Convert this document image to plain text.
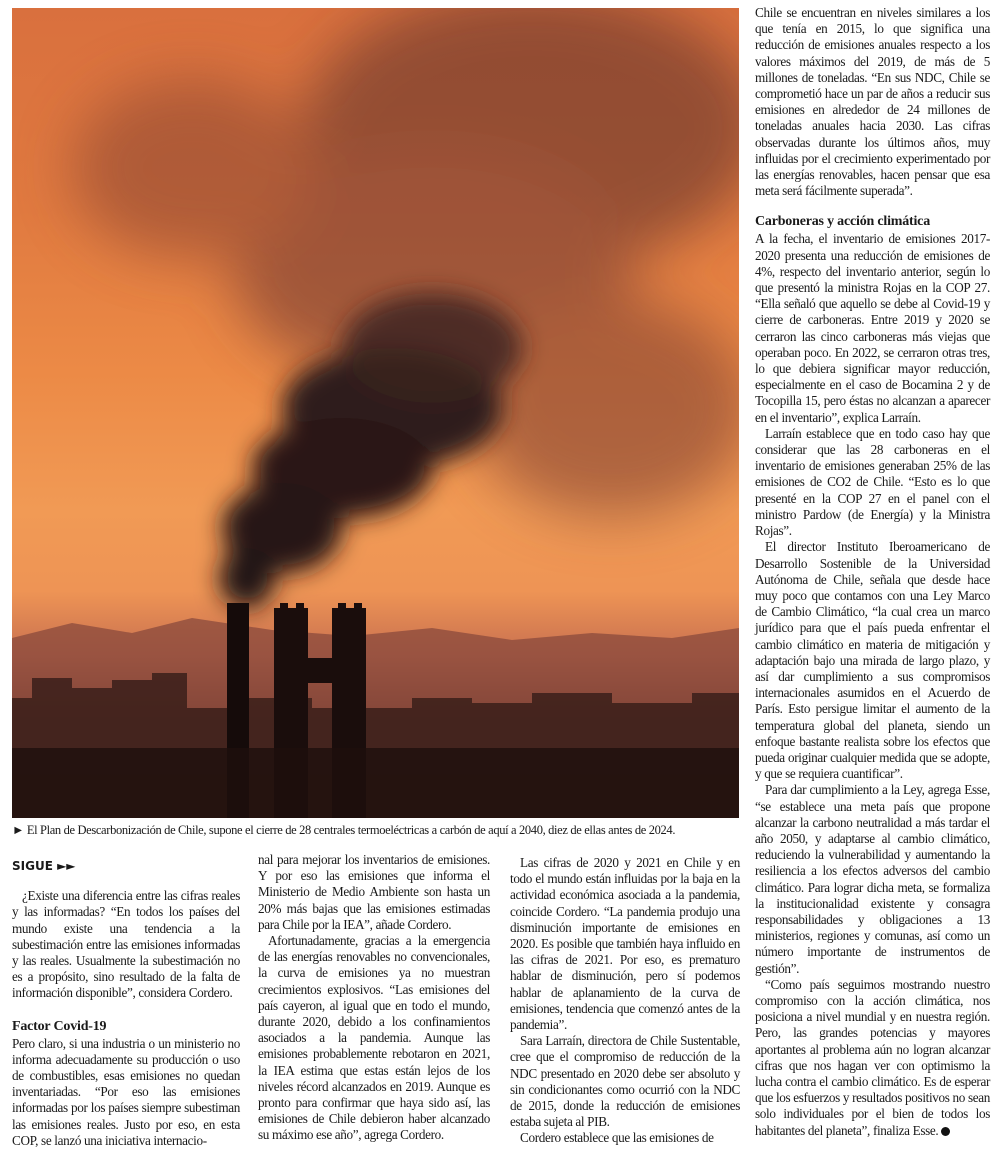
► El Plan de Descarbonización de Chile, supone el cierre de 28 centrales termoeléctricas a carbón de aquí a 2040, diez de ellas antes de 2024.
SIGUE ►►

¿Existe una diferencia entre las cifras reales y las informadas? “En todos los países del mundo existe una tendencia a la subestimación entre las emisiones informadas y las reales. Usualmente la subestimación no es a propósito, sino resultado de la falta de información disponible”, considera Cordero.

Factor Covid-19

Pero claro, si una industria o un ministerio no informa adecuadamente su producción o uso de combustibles, esas emisiones no quedan inventariadas. “Por eso las emisiones informadas por los países siempre subestiman las emisiones reales. Justo por eso, en esta COP, se lanzó una iniciativa internacio-

nal para mejorar los inventarios de emisiones. Y por eso las emisiones que informa el Ministerio de Medio Ambiente son hasta un 20% más bajas que las emisiones estimadas para Chile por la IEA”, añade Cordero.

Afortunadamente, gracias a la emergencia de las energías renovables no convencionales, la curva de emisiones ya no muestran crecimientos explosivos. “Las emisiones del país cayeron, al igual que en todo el mundo, durante 2020, debido a los confinamientos asociados a la pandemia. Aunque las emisiones probablemente rebotaron en 2021, la IEA estima que estas están lejos de los niveles récord alcanzados en 2019. Aunque es pronto para confirmar que haya sido así, las emisiones de Chile debieron haber alcanzado su máximo ese año”, agrega Cordero.

Las cifras de 2020 y 2021 en Chile y en todo el mundo están influidas por la baja en la actividad económica asociada a la pandemia, coincide Cordero. “La pandemia produjo una disminución importante de emisiones en 2020. Es posible que también haya influido en las cifras de 2021. Por eso, es prematuro hablar de disminución, pero sí podemos hablar de aplanamiento de la curva de emisiones, tendencia que comenzó antes de la pandemia”.

Sara Larraín, directora de Chile Sustentable, cree que el compromiso de reducción de la NDC presentado en 2020 debe ser absoluto y sin condicionantes como ocurrió con la NDC de 2015, donde la reducción de emisiones estaba sujeta al PIB.

Cordero establece que las emisiones de

Chile se encuentran en niveles similares a los que tenía en 2015, lo que significa una reducción de emisiones anuales respecto a los valores máximos del 2019, de más de 5 millones de toneladas. “En sus NDC, Chile se comprometió hace un par de años a reducir sus emisiones en alrededor de 24 millones de toneladas anuales hacia 2030. Las cifras observadas durante los últimos años, muy influidas por el crecimiento experimentado por las energías renovables, hacen pensar que esa meta será fácilmente superada”.

Carboneras y acción climática

A la fecha, el inventario de emisiones 2017-2020 presenta una reducción de emisiones de 4%, respecto del inventario anterior, según lo que presentó la ministra Rojas en la COP 27. “Ella señaló que aquello se debe al Covid-19 y cierre de carboneras. Entre 2019 y 2020 se cerraron las cinco carboneras más viejas que operaban poco. En 2022, se cerraron otras tres, lo que debiera significar mayor reducción, especialmente en el caso de Bocamina 2 y de Tocopilla 15, pero éstas no alcanzan a aparecer en el inventario”, explica Larraín.

Larraín establece que en todo caso hay que considerar que las 28 carboneras en el inventario de emisiones generaban 25% de las emisiones de CO2 de Chile. “Esto es lo que presenté en la COP 27 en el panel con el ministro Pardow (de Energía) y la Ministra Rojas”.

El director Instituto Iberoamericano de Desarrollo Sostenible de la Universidad Autónoma de Chile, señala que desde hace muy poco que contamos con una Ley Marco de Cambio Climático, “la cual crea un marco jurídico para que el país pueda enfrentar el cambio climático en materia de mitigación y adaptación bajo una mirada de largo plazo, y así dar cumplimiento a sus compromisos internacionales asumidos en el Acuerdo de París. Esto persigue limitar el aumento de la temperatura global del planeta, siendo un enfoque bastante realista sobre los efectos que pueda originar cualquier medida que se adopte, y que se requiera cuantificar”.

Para dar cumplimiento a la Ley, agrega Esse, “se establece una meta país que propone alcanzar la carbono neutralidad a más tardar el año 2050, y adaptarse al cambio climático, reduciendo la vulnerabilidad y aumentando la resiliencia a los efectos adversos del cambio climático. Para lograr dicha meta, se formaliza la institucionalidad existente y consagra responsabilidades y obligaciones a 13 ministerios, regiones y comunas, así como un número importante de instrumentos de gestión”.

“Como país seguimos mostrando nuestro compromiso con la acción climática, nos posiciona a nivel mundial y en nuestra región. Pero, las grandes potencias y mayores aportantes al problema aún no logran alcanzar cifras que nos hagan ver con optimismo la lucha contra el cambio climático. Es de esperar que los esfuerzos y resultados positivos no sean solo individuales por el bien de todos los habitantes del planeta”, finaliza Esse.
